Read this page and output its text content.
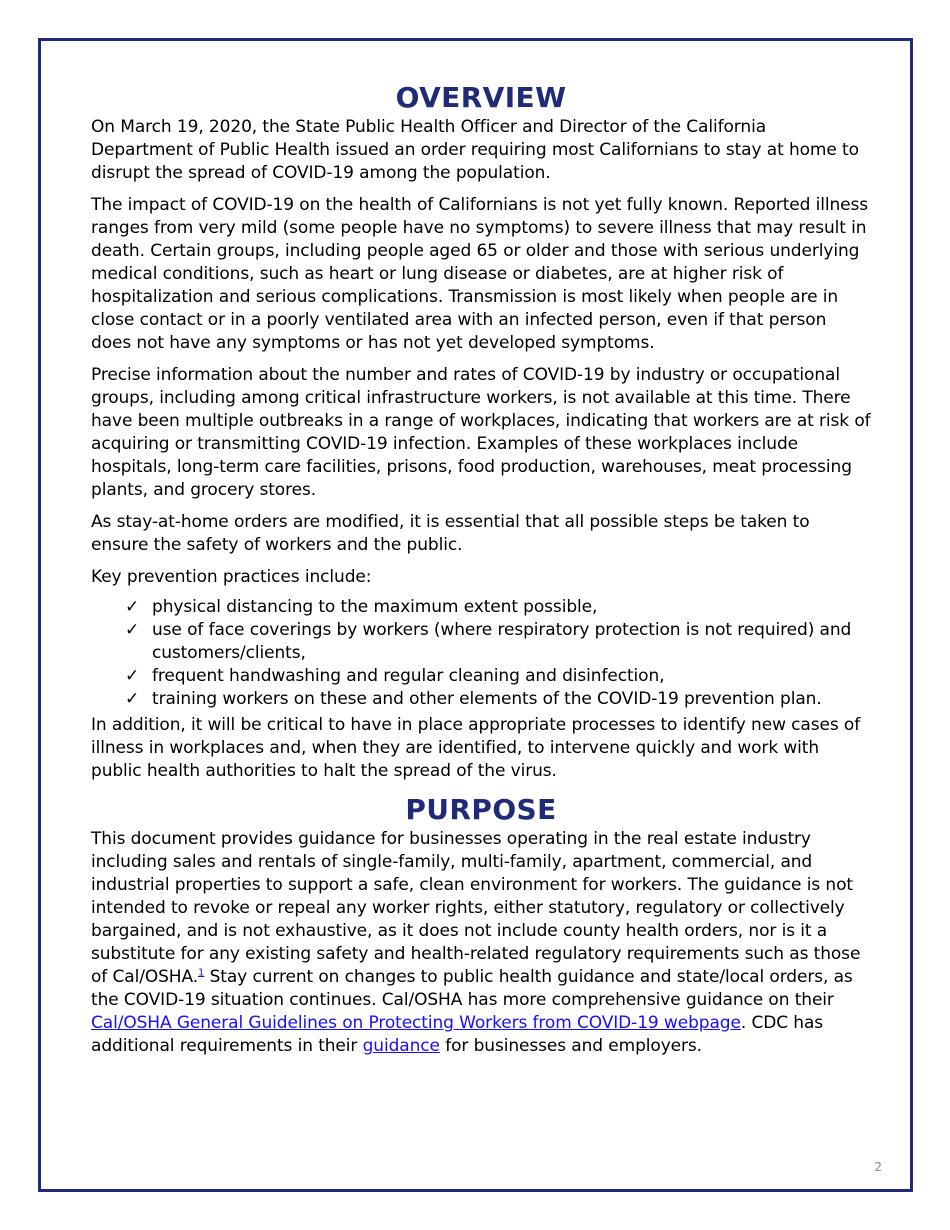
OVERVIEW

On March 19, 2020, the State Public Health Officer and Director of the California Department of Public Health issued an order requiring most Californians to stay at home to disrupt the spread of COVID-19 among the population.

The impact of COVID-19 on the health of Californians is not yet fully known. Reported illness ranges from very mild (some people have no symptoms) to severe illness that may result in death. Certain groups, including people aged 65 or older and those with serious underlying medical conditions, such as heart or lung disease or diabetes, are at higher risk of hospitalization and serious complications. Transmission is most likely when people are in close contact or in a poorly ventilated area with an infected person, even if that person does not have any symptoms or has not yet developed symptoms.

Precise information about the number and rates of COVID-19 by industry or occupational groups, including among critical infrastructure workers, is not available at this time. There have been multiple outbreaks in a range of workplaces, indicating that workers are at risk of acquiring or transmitting COVID-19 infection. Examples of these workplaces include hospitals, long-term care facilities, prisons, food production, warehouses, meat processing plants, and grocery stores.

As stay-at-home orders are modified, it is essential that all possible steps be taken to ensure the safety of workers and the public.

Key prevention practices include:

✓ physical distancing to the maximum extent possible,
✓ use of face coverings by workers (where respiratory protection is not required) and customers/clients,
✓ frequent handwashing and regular cleaning and disinfection,
✓ training workers on these and other elements of the COVID-19 prevention plan.

In addition, it will be critical to have in place appropriate processes to identify new cases of illness in workplaces and, when they are identified, to intervene quickly and work with public health authorities to halt the spread of the virus.

PURPOSE

This document provides guidance for businesses operating in the real estate industry including sales and rentals of single-family, multi-family, apartment, commercial, and industrial properties to support a safe, clean environment for workers. The guidance is not intended to revoke or repeal any worker rights, either statutory, regulatory or collectively bargained, and is not exhaustive, as it does not include county health orders, nor is it a substitute for any existing safety and health-related regulatory requirements such as those of Cal/OSHA.$^1$ Stay current on changes to public health guidance and state/local orders, as the COVID-19 situation continues. Cal/OSHA has more comprehensive guidance on their Cal/OSHA General Guidelines on Protecting Workers from COVID-19 webpage. CDC has additional requirements in their guidance for businesses and employers.

2
